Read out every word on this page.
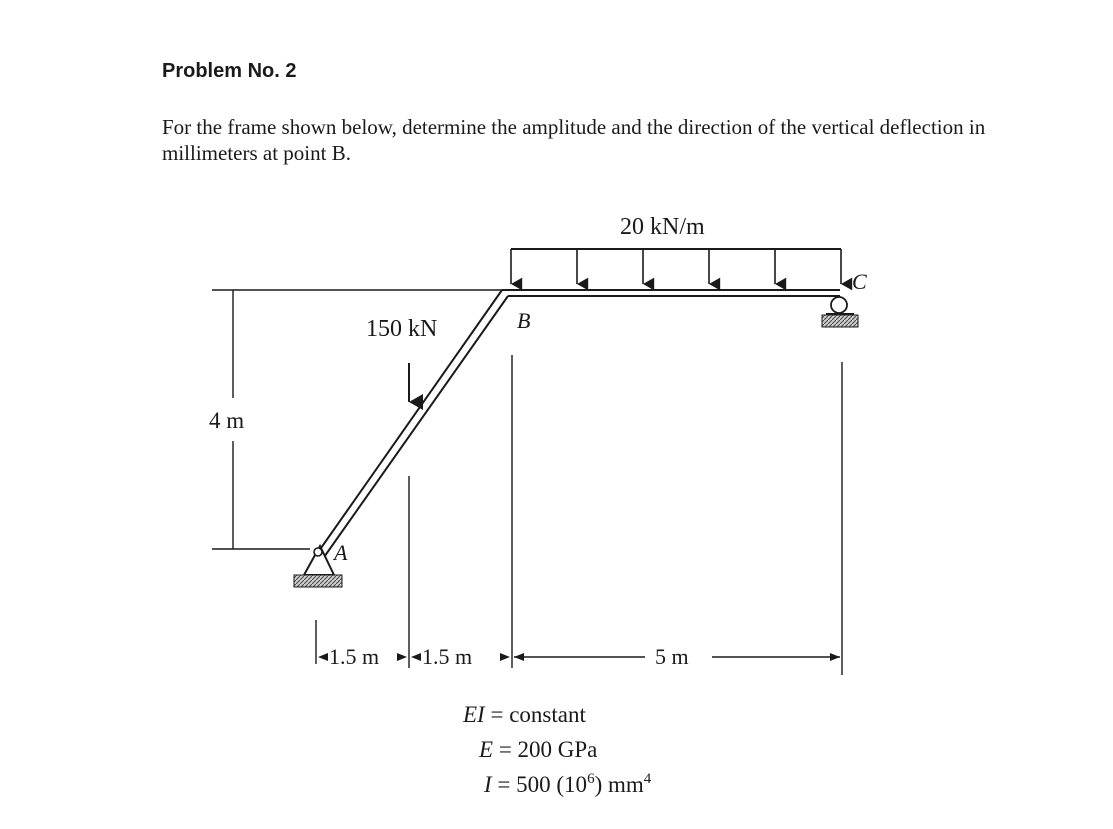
Problem No. 2

For the frame shown below, determine the amplitude and the direction of the vertical deflection in millimeters at point B.

20 kN/m
150 kN
A
C
B
4 m
1.5 m 1.5 m	5 m
EI = constant
E = 200 GPa
I = 500 $(10^6)$ $mm^4$
